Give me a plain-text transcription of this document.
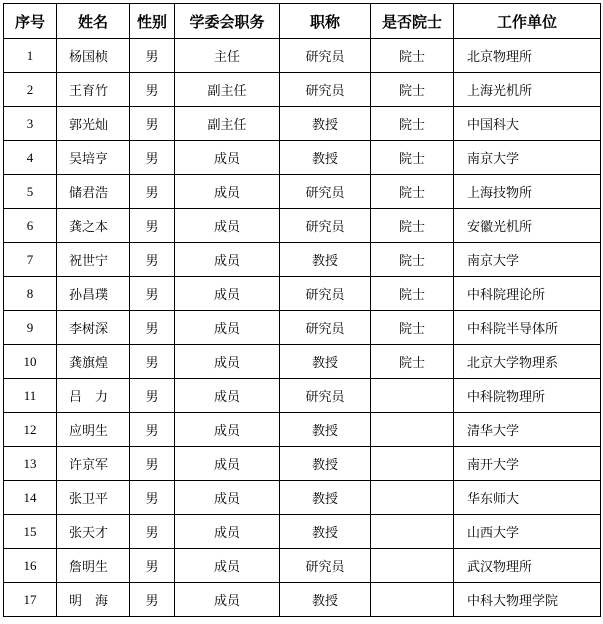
序号	姓名	性别	学委会职务	职称	是否院士	工作单位
1	杨国桢	男	主任	研究员	院士	北京物理所
2	王育竹	男	副主任	研究员	院士	上海光机所
3	郭光灿	男	副主任	教授	院士	中国科大
4	吴培亨	男	成员	教授	院士	南京大学
5	储君浩	男	成员	研究员	院士	上海技物所
6	龚之本	男	成员	研究员	院士	安徽光机所
7	祝世宁	男	成员	教授	院士	南京大学
8	孙昌璞	男	成员	研究员	院士	中科院理论所
9	李树深	男	成员	研究员	院士	中科院半导体所
10	龚旗煌	男	成员	教授	院士	北京大学物理系
11	吕　力	男	成员	研究员		中科院物理所
12	应明生	男	成员	教授		清华大学
13	许京军	男	成员	教授		南开大学
14	张卫平	男	成员	教授		华东师大
15	张天才	男	成员	教授		山西大学
16	詹明生	男	成员	研究员		武汉物理所
17	明　海	男	成员	教授		中科大物理学院
